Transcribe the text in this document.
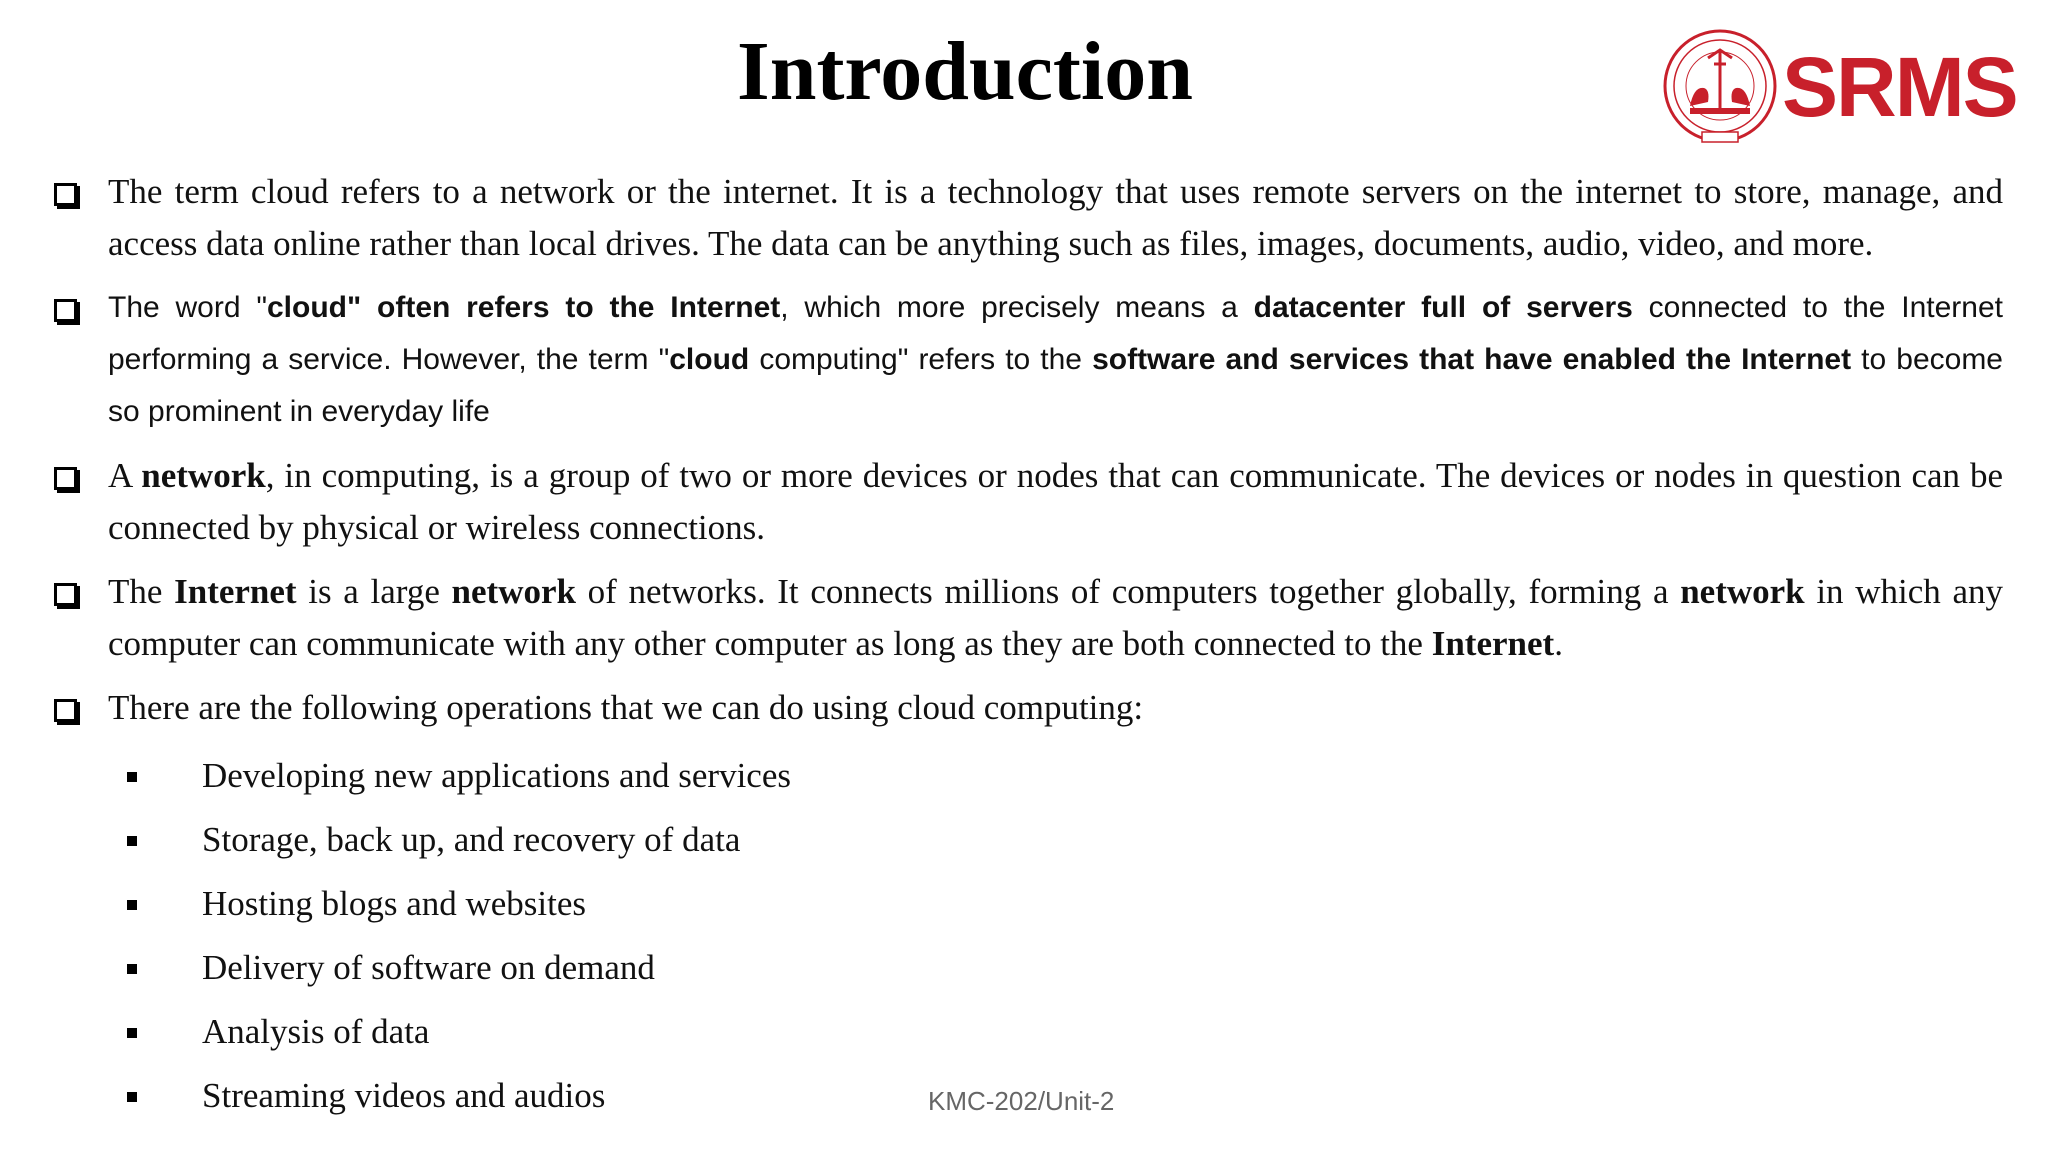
Introduction	SRMS
The term cloud refers to a network or the internet. It is a technology that uses remote servers on the internet to store, manage, and access data online rather than local drives. The data can be anything such as files, images, documents, audio, video, and more.
The word "cloud" often refers to the Internet, which more precisely means a datacenter full of servers connected to the Internet performing a service. However, the term "cloud computing" refers to the software and services that have enabled the Internet to become so prominent in everyday life
A network, in computing, is a group of two or more devices or nodes that can communicate. The devices or nodes in question can be connected by physical or wireless connections.
The Internet is a large network of networks. It connects millions of computers together globally, forming a network in which any computer can communicate with any other computer as long as they are both connected to the Internet.
There are the following operations that we can do using cloud computing:
Developing new applications and services
Storage, back up, and recovery of data
Hosting blogs and websites
Delivery of software on demand
Analysis of data
Streaming videos and audios	KMC-202/Unit-2
